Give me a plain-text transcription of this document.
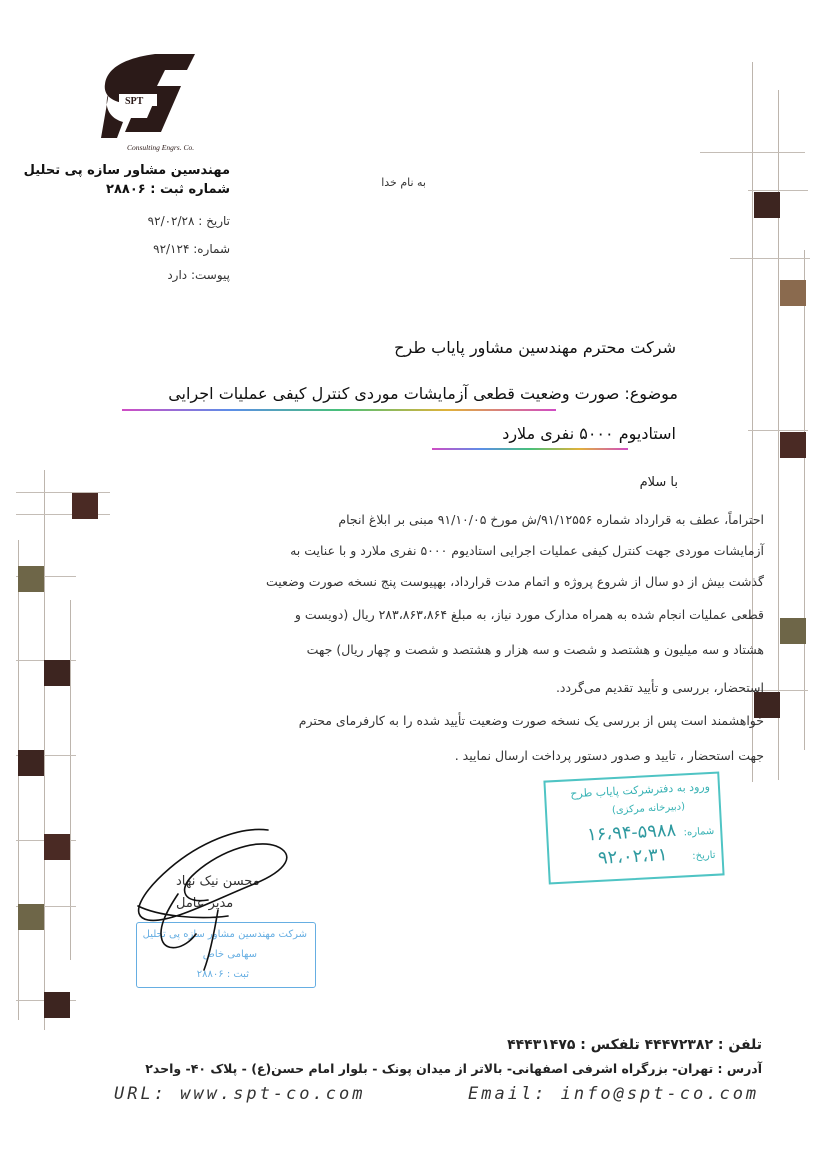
SPT
Consulting Engrs. Co.
مهندسین مشاور سازه پی تحلیل
شماره ثبت : ۲۸۸۰۶
تاریخ : ۹۲/۰۲/۲۸
شماره: ۹۲/۱۲۴
پیوست: دارد
به نام خدا
شرکت محترم مهندسین مشاور پایاب طرح
موضوع: صورت وضعیت قطعی آزمایشات موردی کنترل کیفی عملیات اجرایی
استادیوم ۵۰۰۰ نفری ملارد
با سلام
احتراماً، عطف به قرارداد شماره ۹۱/۱۲۵۵۶/ش مورخ ۹۱/۱۰/۰۵ مبنی بر ابلاغ انجام
آزمایشات موردی جهت کنترل کیفی عملیات اجرایی استادیوم ۵۰۰۰ نفری ملارد و با عنایت به
گذشت بیش از دو سال از شروع پروژه و اتمام مدت قرارداد، بهپیوست پنج نسخه صورت وضعیت
قطعی عملیات انجام شده به همراه مدارک مورد نیاز، به مبلغ ۲۸۳،۸۶۳،۸۶۴ ریال (دویست و
هشتاد و سه میلیون و هشتصد و شصت و سه هزار و هشتصد و شصت و چهار ریال) جهت
استحضار، بررسی و تأیید تقدیم می‌گردد.
خواهشمند است پس از بررسی یک نسخه صورت وضعیت تأیید شده را به کارفرمای محترم
جهت استحضار ، تایید و صدور دستور پرداخت ارسال نمایید .
ورود به دفترشرکت پایاب طرح
(دبیرخانه مرکزی)
شماره:
۱۶،۹۴-۵۹۸۸
تاریخ:
۹۲،۰۲،۳۱
شرکت مهندسین مشاور سازه پی تحلیل
سهامی خاص
ثبت : ۲۸۸۰۶
محسن نیک نهاد
مدیر عامل
تلفن : ۴۴۴۷۲۳۸۲ تلفکس : ۴۴۴۳۱۴۷۵
آدرس : تهران- بزرگراه اشرفی اصفهانی- بالاتر از میدان پونک - بلوار امام حسن(ع) - پلاک ۴۰- واحد۲
URL: www.spt-co.com	Email: info@spt-co.com
